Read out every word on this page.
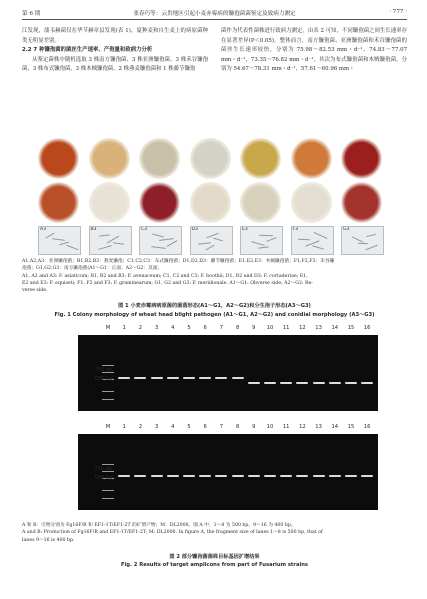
第 6 期	张春巧等：云贵地区引起小麦赤霉病的镰孢菌菌鉴定及致病力测定	· 777 ·

江发现，蒲韦赫菌仅在华节赫章县发现(表 1)，夏种麦和自生麦上的病原菌种类无明显差别。

2.2 7 种镰孢菌的菌丝生产速率、产孢量和致病力分析

从鉴定菌株中随机选取 3 株南方镰孢菌、3 株亚洲镰孢菌、3 株禾谷镰孢菌、3 株布式镰孢菌、3 株木贼镰孢菌、2 株燕麦镰孢菌和 1 株藤节镰孢

菌作为代表性菌株进行致病力测定。由表 2 可知，不同镰孢菌之间生长速率存在显著差异(P＜0.05)。整体而言，南方镰孢菌、亚洲镰孢菌和禾谷镰孢菌的菌丝生长速率较快，分别为 75.98～82.53 mm・d⁻¹、74.83～77.07 mm・d⁻¹、73.35～76.82 mm・d⁻¹，其次为布式镰孢菌和木贼镰孢菌，分别为 54.67～78.31 mm・d⁻¹、57.61～60.96 mm・

A1	B1	C1	D1	E1	F1	G1
A2	B2	C2	D2	E2	F2	G2
A3	B3	C3	D3	E3	F3	G3
A1,A2,A3：亚洲镰孢菌；B1,B2,B3：燕麦镰孢；C1,C2,C3：布式镰孢菌；D1,D2,D3：藤节镰孢菌；E1,E2,E3：木贼镰孢菌；F1,F2,F3：禾谷镰
孢菌；G1,G2,G3：南方镰孢菌(A1～G1：正面；A2～G2：反面。
A1, A2 and A3: F. asiaticum; B1, B2 and B3: F. avenaceum; C1, C2 and C3: F. boothii; D1, D2 and D3: F. cortaderiae; E1,
E2 and E3: F. equiseti; F1, F2 and F3: F. graminearum; G1, G2 and G3: F. meridionale. A1～G1: Obverse side; A2～G2: Re-
verse side.
图 1 小麦赤霉病病原菌的菌落形态(A1～G1，A2～G2)和分生孢子形态(A3～G3)
Fig. 1 Colony morphology of wheat head blight pathogen (A1～G1, A2～G2) and conidial morphology (A3～G3)
M	1	2	3	4	5	6	7	8	9	10	11	12	13	14	15	16
750 bp
500 bp
M	1	2	3	4	5	6	7	8	9	10	11	12	13	14	15	16
750 bp
500 bp
A 和 B：引物分别为 Fg16F/R 和 EF1-1T/EF1-2T 的扩增产物；M：DL2000。图 A 中，1～8 为 500 bp，9～16 为 400 bp。
A and B: Production of Fg16F/R and EF1-1T/EF1-2T; M: DL2000. In figure A, the fragment size of lanes 1～8 is 500 bp, that of
lanes 9～16 is 400 bp.
图 2 部分镰孢菌菌株目标基因扩增结果
Fig. 2 Results of target amplicons from part of Fusarium strains
